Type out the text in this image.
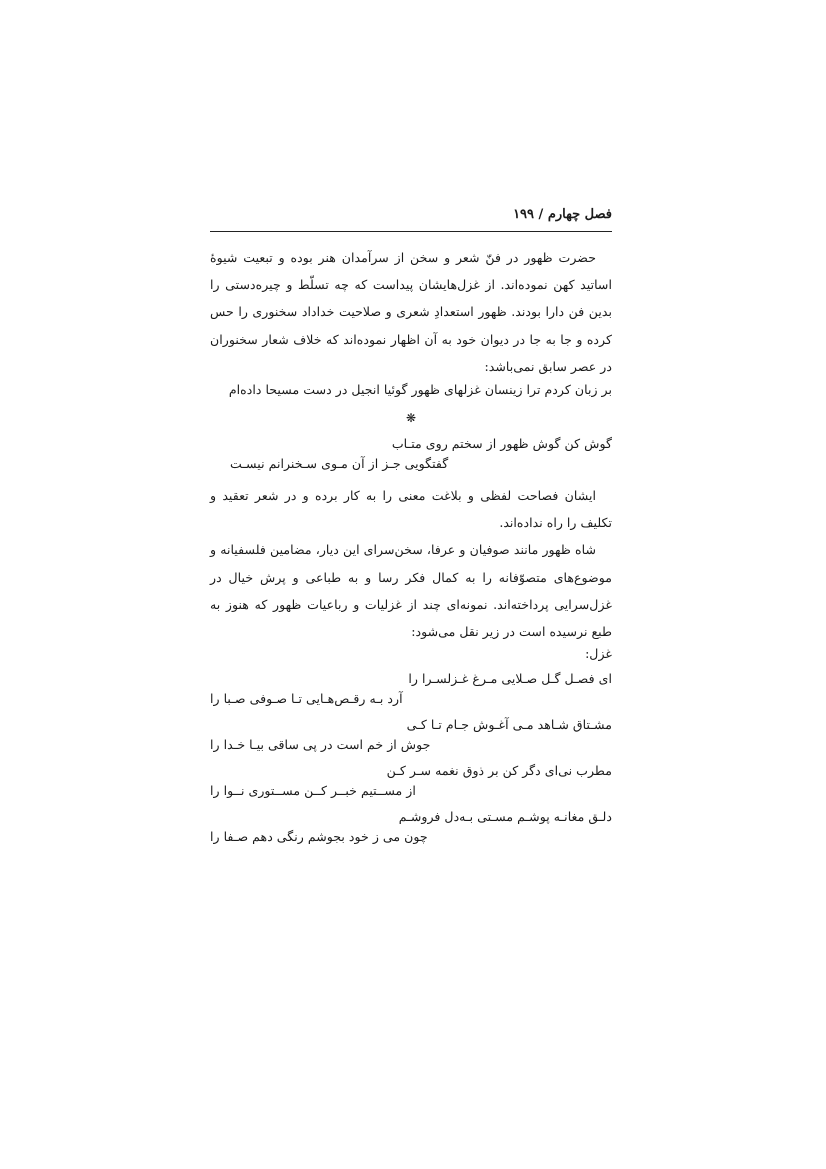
فصل چهارم / ۱۹۹

حضرت ظهور در فنّ شعر و سخن از سرآمدان هنر بوده و تبعیت شیوهٔ اساتید کهن نموده‌اند. از غزل‌هایشان پیداست که چه تسلّط و چیره‌دستی را بدین فن دارا بودند. ظهور استعدادِ شعری و صلاحیت خداداد سخنوری را حس کرده و جا به جا در دیوان خود به آن اظهار نموده‌اند که خلاف شعار سخنوران در عصر سابق نمی‌باشد:

بر زبان کردم ترا زینسان غزلهای ظهور گوئیا انجیل در دست مسیحا داده‌ام

❋

گوش کن گوش ظهور از سختم روی متـاب

گفتگویی جـز از آن مـوی سـخنرانم نیسـت

ایشان فصاحت لفظی و بلاغت معنی را به کار برده و در شعر تعقید و تکلیف را راه نداده‌اند.

شاه ظهور مانند صوفیان و عرفا، سخن‌سرای این دیار، مضامین فلسفیانه و موضوع‌های متصوّفانه را به کمال فکر رسا و به طباعی و پرش خیال در غزل‌سرایی پرداخته‌اند. نمونه‌ای چند از غزلیات و رباعیات ظهور که هنوز به طبع نرسیده است در زیر نقل می‌شود:

غزل:

ای فصـل گـل صـلایی مـرغ غـزلسـرا را

آرد بـه رقـص‌هـایی تـا صـوفی صـبا را

مشـتاق شـاهد مـی آغـوش جـام تـا کـی

جوش از خم است در پی ساقی بیـا خـدا را

مطرب نی‌ای دگر کن بر ذوق نغمه سـر کـن

از مســتیم خبــر کــن مســتوری نــوا را

دلـق مغانـه پوشـم مسـتی بـه‌دل فروشـم

چون می ز خود بجوشم رنگی دهم صـفا را
